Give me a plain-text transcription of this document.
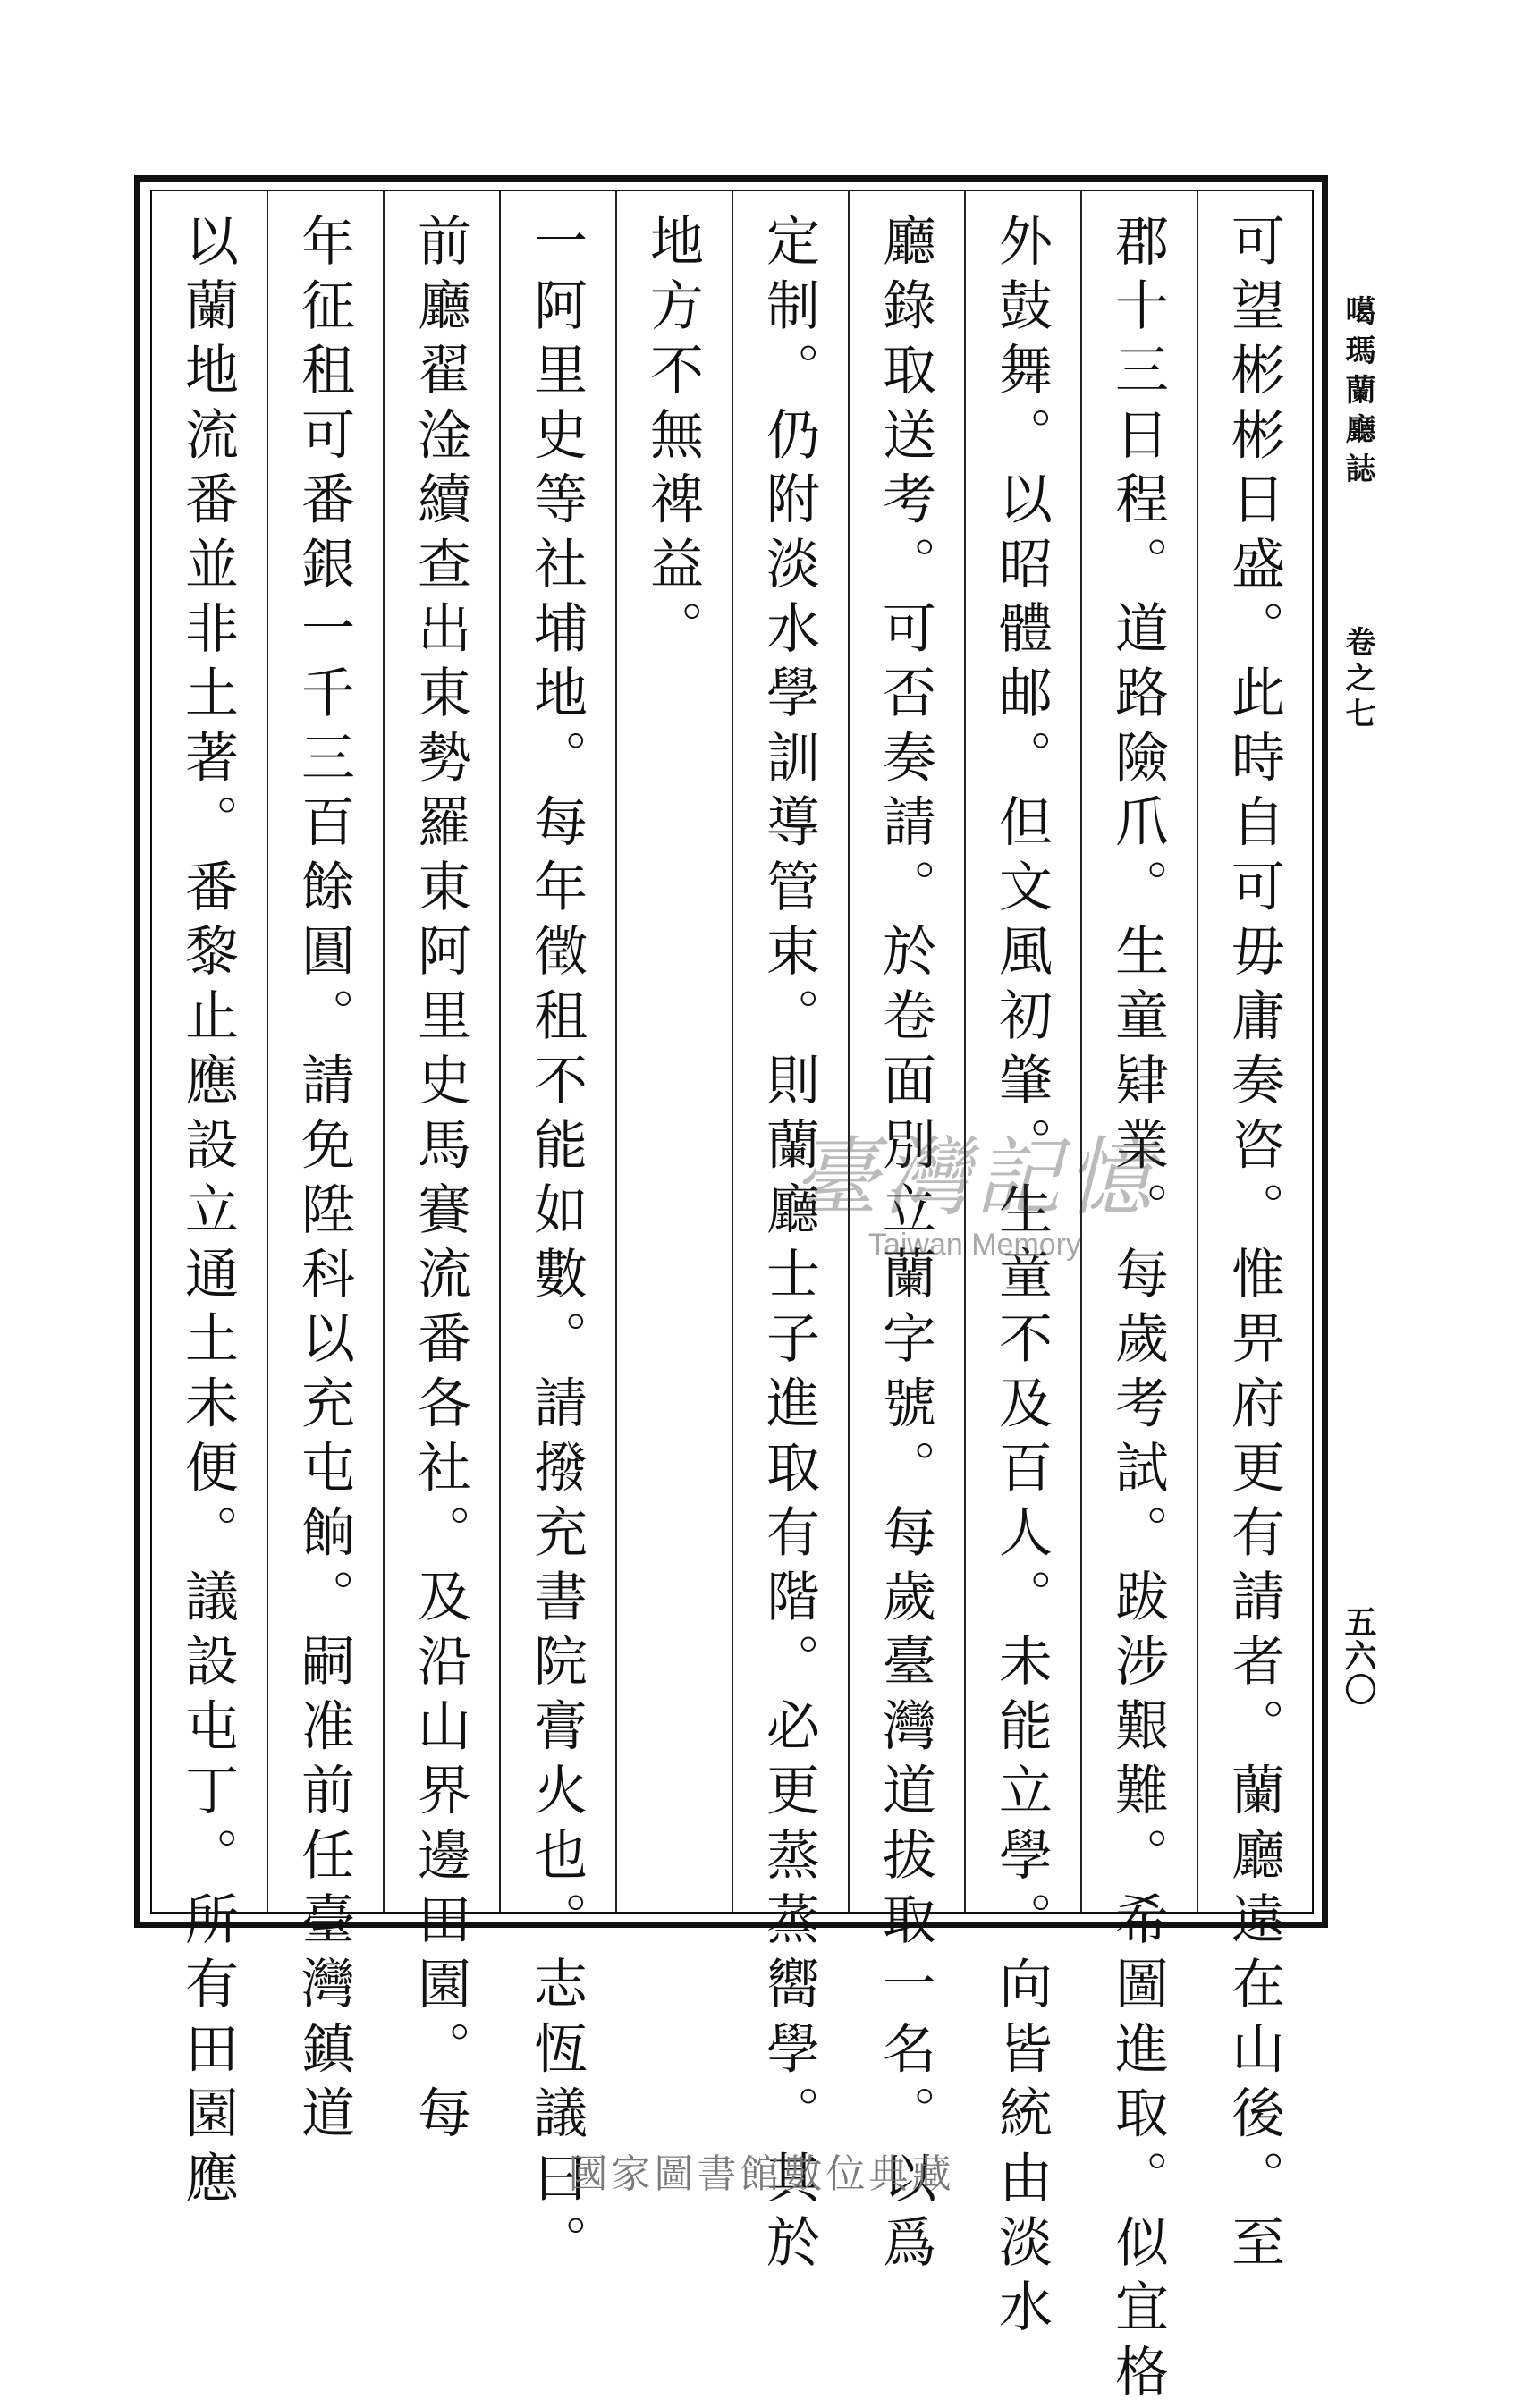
噶瑪蘭廳誌
卷之七
五六〇
可望彬彬日盛。此時自可毋庸奏咨。惟畀府更有請者。蘭廳遠在山後。至
郡十三日程。道路險爪。生童肄業。每歲考試。跋涉艱難。希圖進取。似宜格
外鼓舞。以昭體邮。但文風初肇。生童不及百人。未能立學。向皆統由淡水
廳錄取送考。可否奏請。於卷面別立蘭字號。每歲臺灣道拔取一名。以爲
定制。仍附淡水學訓導管束。則蘭廳士子進取有階。必更蒸蒸嚮學。其於
地方不無禆益。
一阿里史等社埔地。每年徵租不能如數。請撥充書院膏火也。志恆議曰。
前廳翟淦續查出東勢羅東阿里史馬賽流番各社。及沿山界邊田園。每
年征租可番銀一千三百餘圓。請免陞科以充屯餉。嗣准前任臺灣鎮道
以蘭地流番並非土著。番黎止應設立通土未便。議設屯丁。所有田園應	臺灣記憶
Taiwan Memory
國家圖書館數位典藏
